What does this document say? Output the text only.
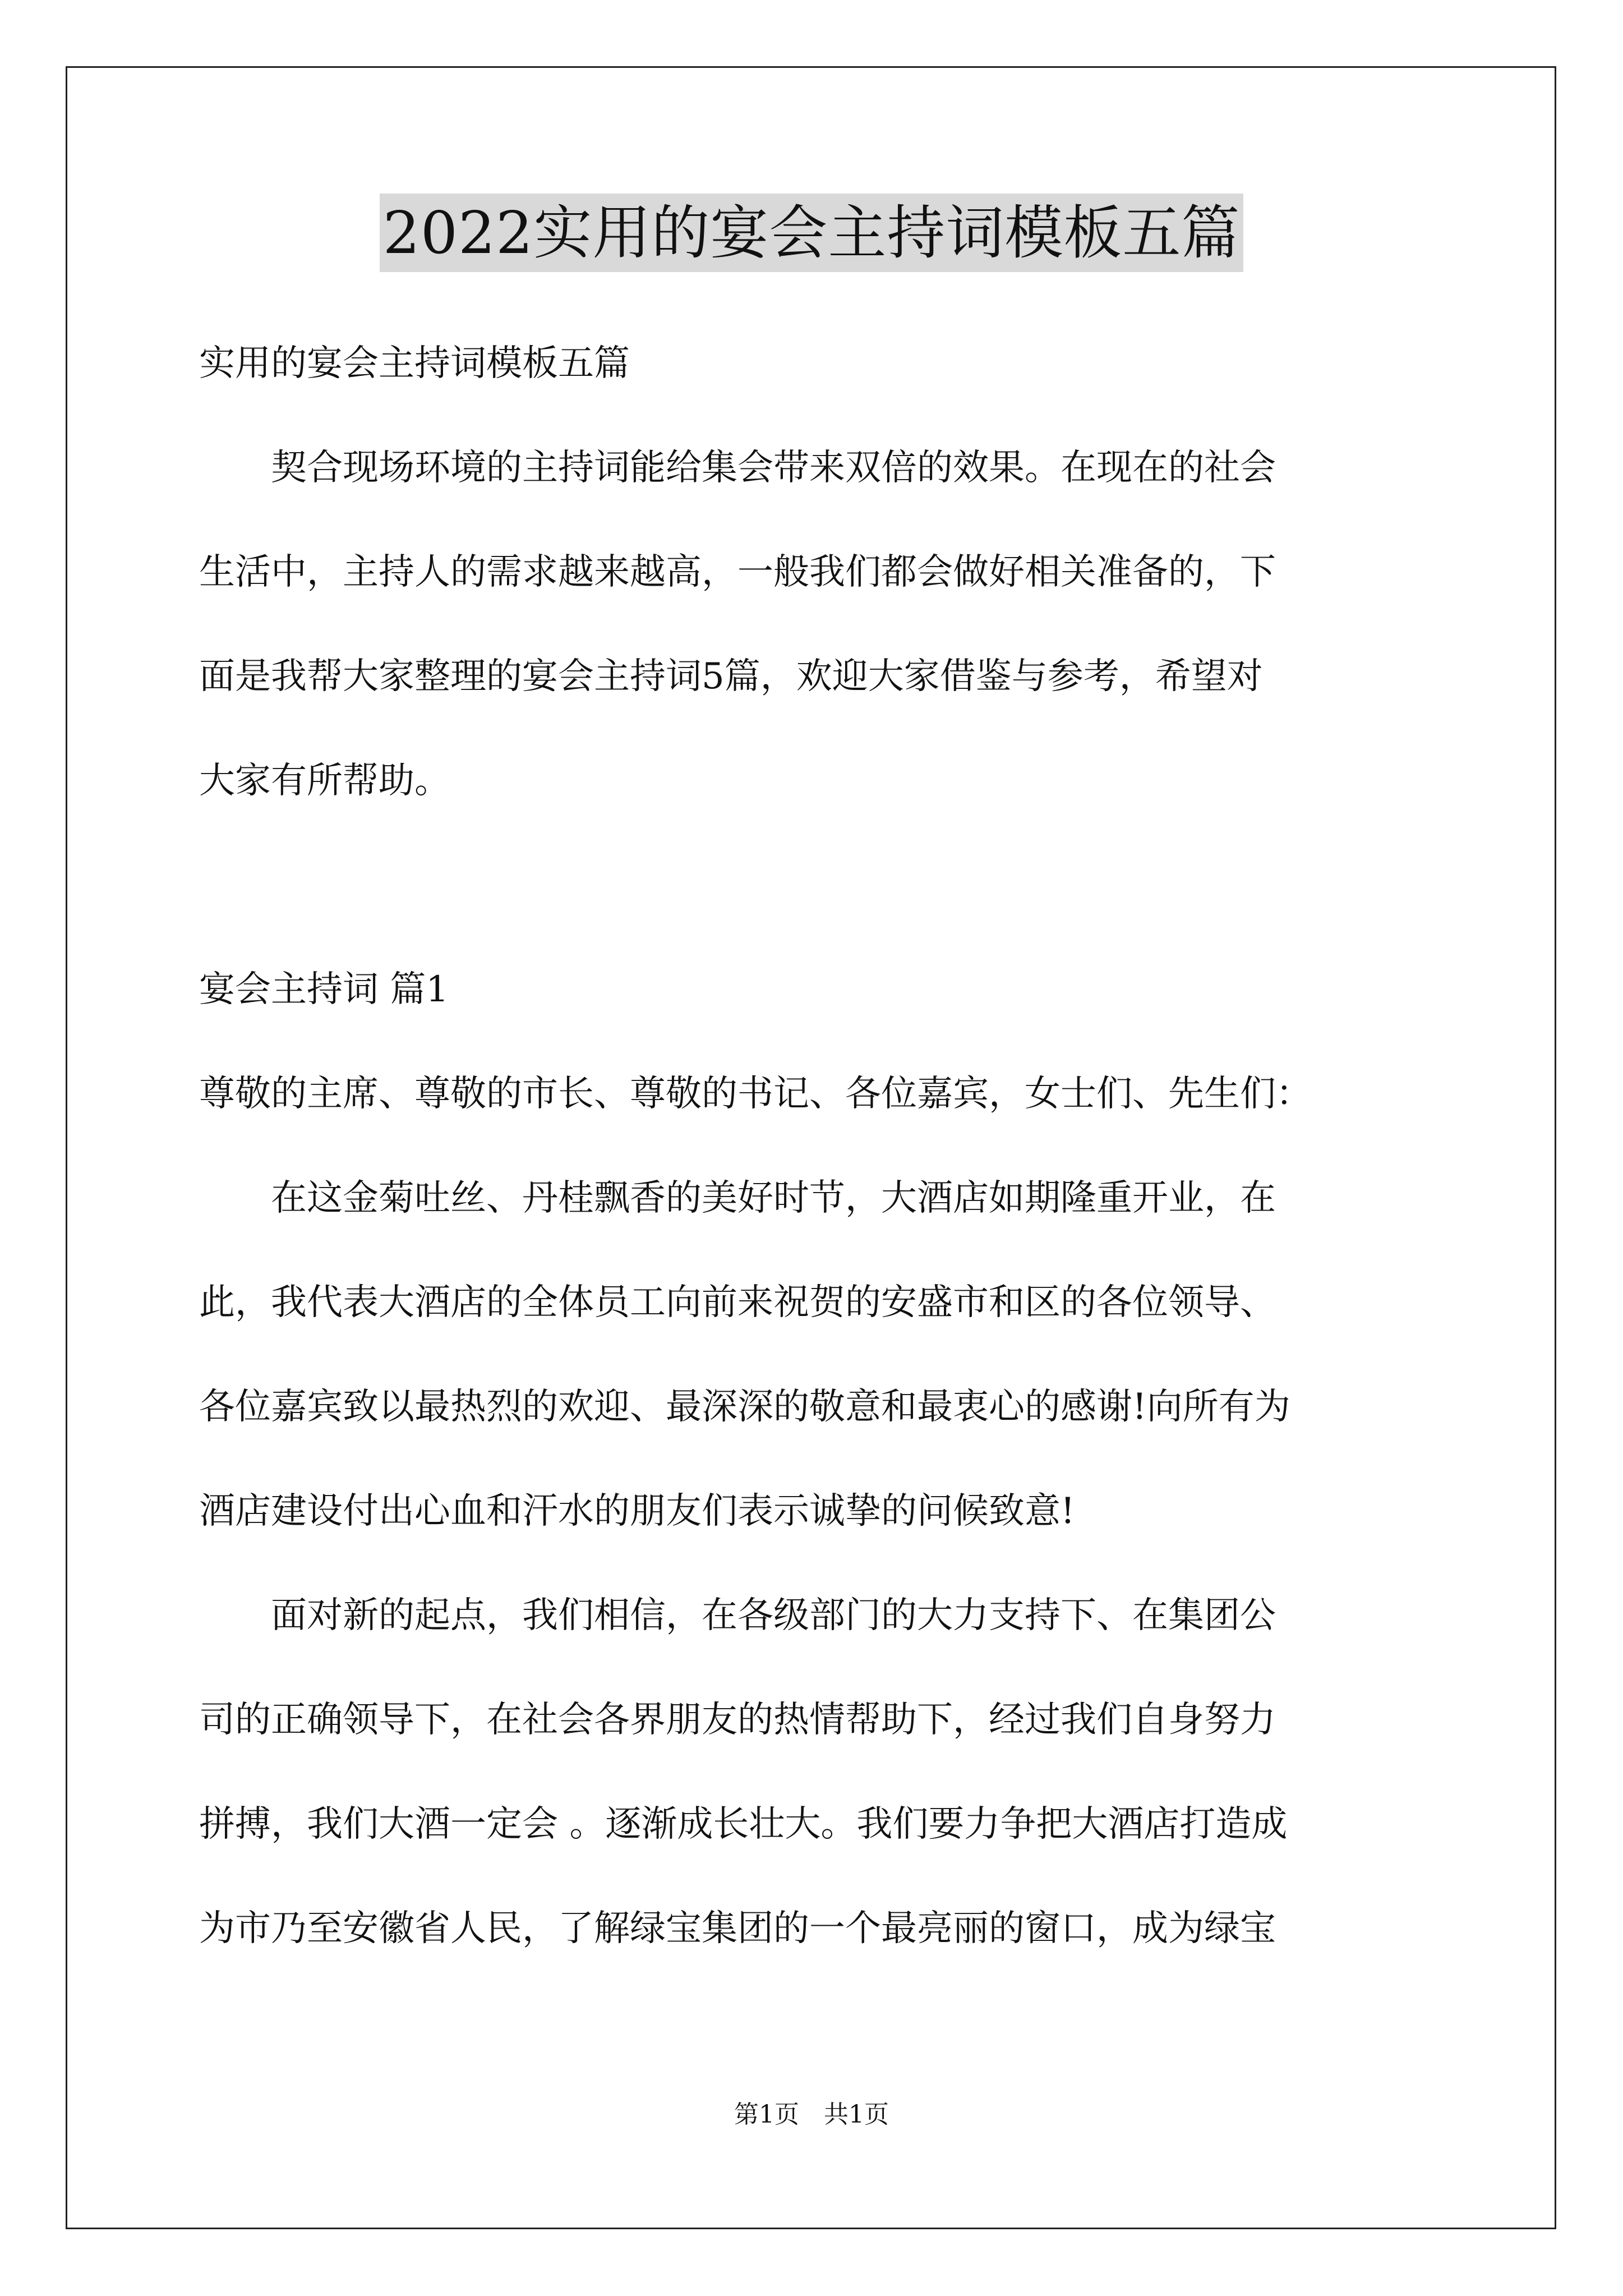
2022实用的宴会主持词模板五篇
实用的宴会主持词模板五篇
　　契合现场环境的主持词能给集会带来双倍的效果。在现在的社会
生活中，主持人的需求越来越高，一般我们都会做好相关准备的，下
面是我帮大家整理的宴会主持词5篇，欢迎大家借鉴与参考，希望对
大家有所帮助。
宴会主持词 篇1
尊敬的主席、尊敬的市长、尊敬的书记、各位嘉宾，女士们、先生们：
　　在这金菊吐丝、丹桂飘香的美好时节，大酒店如期隆重开业，在
此，我代表大酒店的全体员工向前来祝贺的安盛市和区的各位领导、
各位嘉宾致以最热烈的欢迎、最深深的敬意和最衷心的感谢!向所有为
酒店建设付出心血和汗水的朋友们表示诚挚的问候致意!
　　面对新的起点，我们相信，在各级部门的大力支持下、在集团公
司的正确领导下，在社会各界朋友的热情帮助下，经过我们自身努力
拼搏，我们大酒一定会 。逐渐成长壮大。我们要力争把大酒店打造成
为市乃至安徽省人民，了解绿宝集团的一个最亮丽的窗口，成为绿宝
第1页　共1页
